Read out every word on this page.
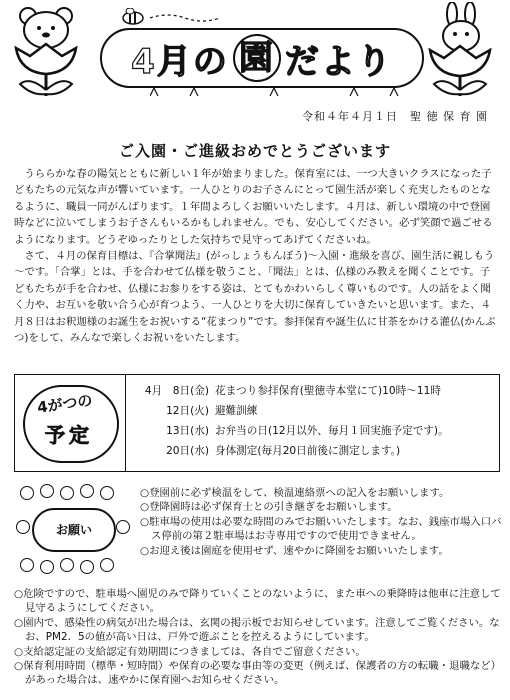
4月の 園 だより
令和４年４月１日　聖 徳 保 育 園
ご入園・ご進級おめでとうございます

うららかな春の陽気とともに新しい１年が始まりました。保育室には、一つ大きいクラスになった子どもたちの元気な声が響いています。一人ひとりのお子さんにとって園生活が楽しく充実したものとなるように、職員一同がんばります。１年間よろしくお願いいたします。４月は、新しい環境の中で登園時などに泣いてしまうお子さんもいるかもしれません。でも、安心してください。必ず笑顔で過ごせるようになります。どうぞゆったりとした気持ちで見守ってあげてくださいね。

さて、４月の保育目標は、『合掌聞法』(がっしょうもんぼう)～入園・進級を喜び、園生活に親しもう～です。「合掌」とは、手を合わせて仏様を敬うこと、「聞法」とは、仏様のみ教えを聞くことです。子どもたちが手を合わせ、仏様にお参りをする姿は、とてもかわいらしく尊いものです。人の話をよく聞く力や、お互いを敬い合う心が育つよう、一人ひとりを大切に保育していきたいと思います。また、４月８日はお釈迦様のお誕生をお祝いする“花まつり”です。参拝保育や誕生仏に甘茶をかける灌仏(かんぶつ)をして、みんなで楽しくお祝いをいたします。

4がつの
予定
4月　8日(金) 花まつり参拝保育(聖徳寺本堂にて)10時～11時
12日(火) 避難訓練
13日(水) お弁当の日(12月以外、毎月１回実施予定です)。
20日(水) 身体測定(毎月20日前後に測定します。)
お願い
○登園前に必ず検温をして、検温連絡票への記入をお願いします。
○登降園時は必ず保育士との引き継ぎをお願いします。
○駐車場の使用は必要な時間のみでお願いいたします。なお、銭座市場入口バス停前の第２駐車場はお寺専用ですので使用できません。
○お迎え後は園庭を使用せず、速やかに降園をお願いいたします。
○危険ですので、駐車場へ園児のみで降りていくことのないように、また車への乗降時は他車に注意して見守るようにしてください。
○園内で、感染性の病気が出た場合は、玄関の掲示板でお知らせしています。注意してご覧ください。なお、PM2．5の値が高い日は、戸外で遊ぶことを控えるようにしています。
○支給認定証の支給認定有効期間につきましては、各自でご留意ください。
○保育利用時間（標準・短時間）や保育の必要な事由等の変更（例えば、保護者の方の転職・退職など）があった場合は、速やかに保育園へお知らせください。
